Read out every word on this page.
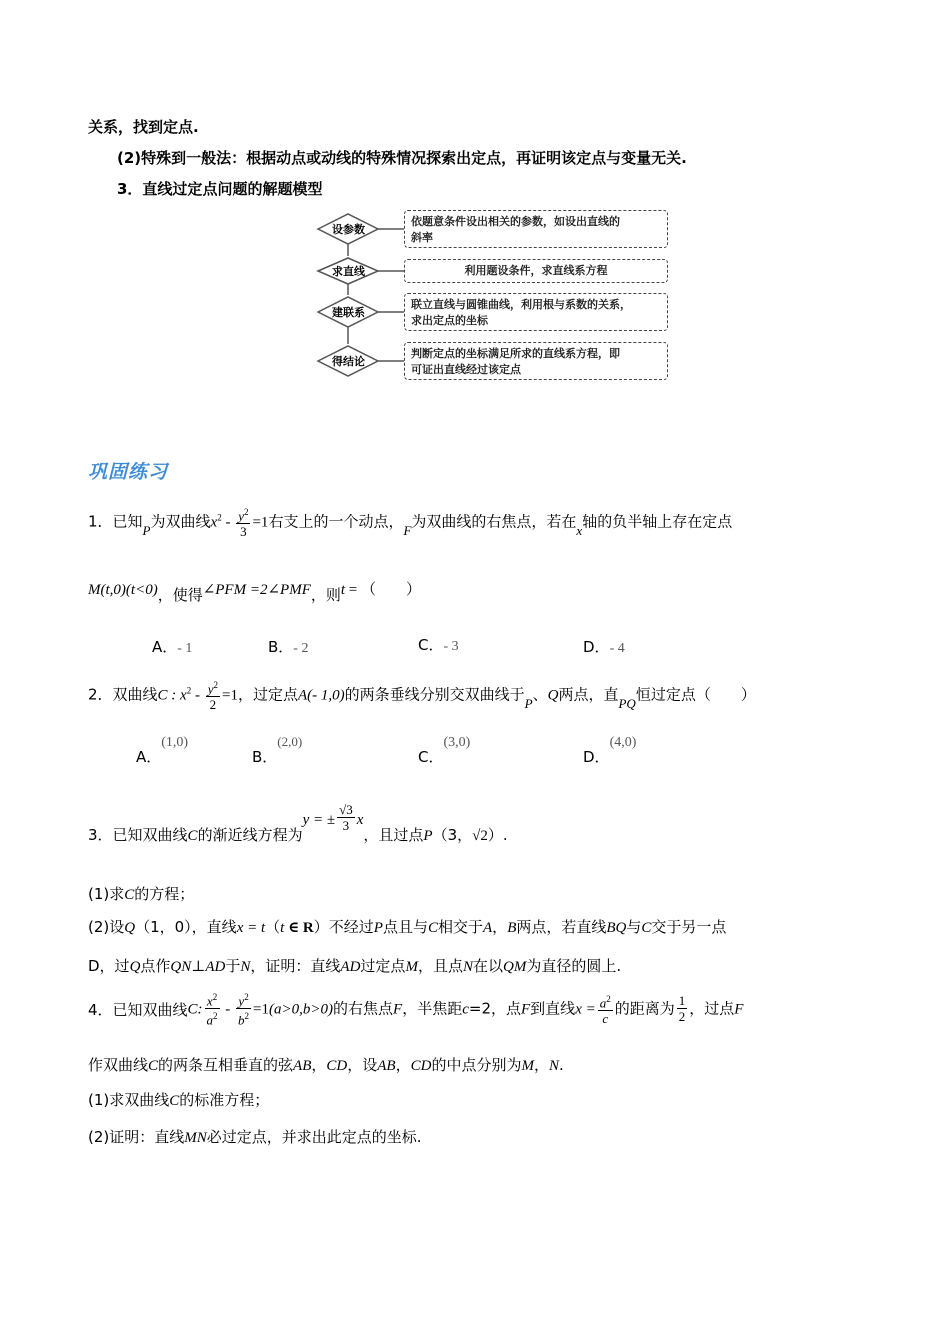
关系，找到定点.
(2)特殊到一般法：根据动点或动线的特殊情况探索出定点，再证明该定点与变量无关.
3．直线过定点问题的解题模型
设参数
求直线
建联系
得结论
依题意条件设出相关的参数，如设出直线的
斜率
利用题设条件，求直线系方程
联立直线与圆锥曲线，利用根与系数的关系，
求出定点的坐标
判断定点的坐标满足所求的直线系方程，即
可证出直线经过该定点
巩固练习
1．已知P为双曲线$x^2 - \frac{y^2}{3} =1$右支上的一个动点，F为双曲线的右焦点，若在x轴的负半轴上存在定点
M(t,0)(t<0)，使得∠PFM =2∠PMF，则t = （　　）
A．- 1	B．- 2	C．- 3	D．- 4
2．双曲线C : $x^2 - \frac{y^2}{2} =1$，过定点A(- 1,0)的两条垂线分别交双曲线于P、Q两点，直PQ恒过定点（　　）
A．(1,0)
B．(2,0)
C．(3,0)
D．(4,0)
3．已知双曲线C的渐近线方程为y = ± $\frac{√3}{3}$ x，且过点P（3，√2）.
(1)求C的方程；
(2)设Q（1，0），直线x = t（t ∈ R）不经过P点且与C相交于A，B两点，若直线BQ与C交于另一点
D，过Q点作QN⊥AD于N，证明：直线AD过定点M，且点N在以QM为直径的圆上.
4．已知双曲线C: $\frac{x^2}{a^2} - \frac{y^2}{b^2} =1(a>0,b>0)$的右焦点F，半焦距c=2，点F到直线$x = \frac{a^2}{c}$ 的距离为 $\frac{1}{2}$ ，过点F
作双曲线C的两条互相垂直的弦AB，CD，设AB，CD的中点分别为M，N.
(1)求双曲线C的标准方程；
(2)证明：直线MN必过定点，并求出此定点的坐标.
